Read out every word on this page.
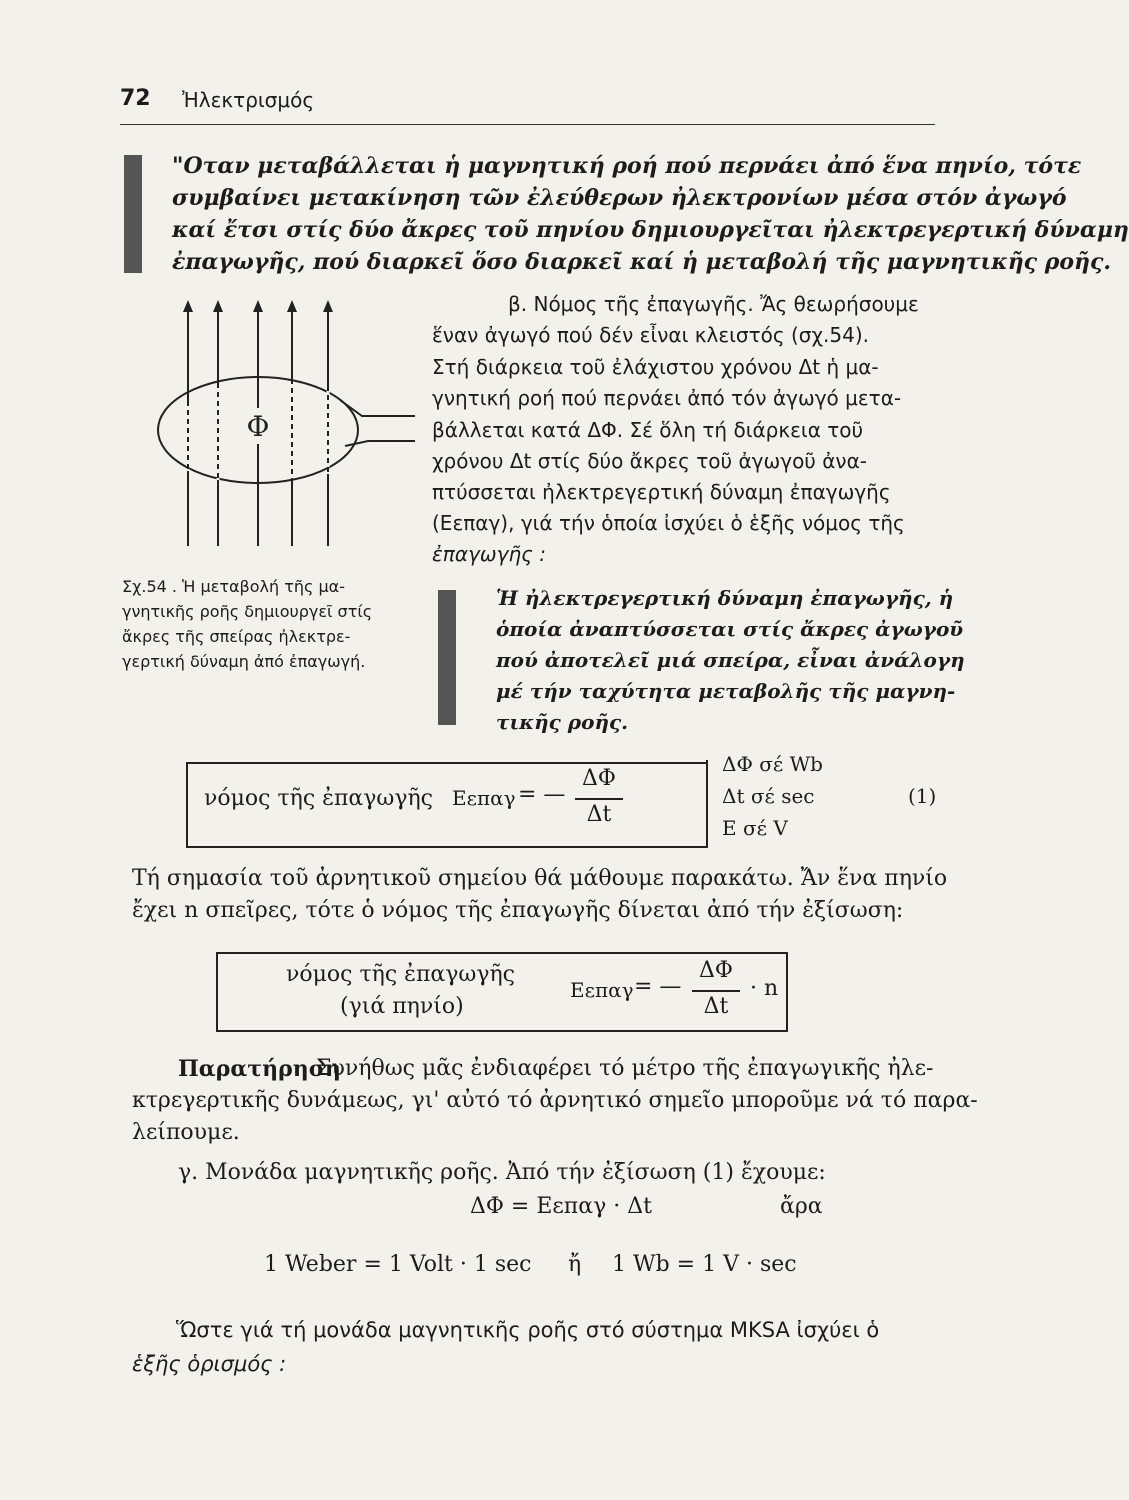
72 Ἠλεκτρισμός
"Οταν μεταβάλλεται ἡ μαγνητική ροή πού περνάει ἀπό ἕνα πηνίο, τότε
συμβαίνει μετακίνηση τῶν ἐλεύθερων ἠλεκτρονίων μέσα στόν ἀγωγό
καί ἔτσι στίς δύο ἄκρες τοῦ πηνίου δημιουργεῖται ἠλεκτρεγερτική δύναμη
ἐπαγωγῆς, πού διαρκεῖ ὅσο διαρκεῖ καί ἡ μεταβολή τῆς μαγνητικῆς ροῆς.
Φ
Σχ.54 . Ἡ μεταβολή τῆς μα-
γνητικῆς ροῆς δημιουργεῖ στίς
ἄκρες τῆς σπείρας ἠλεκτρε-
γερτική δύναμη ἀπό ἐπαγωγή.
β. Νόμος τῆς ἐπαγωγῆς. Ἄς θεωρήσουμε
ἕναν ἀγωγό πού δέν εἶναι κλειστός (σχ.54).
Στή διάρκεια τοῦ ἐλάχιστου χρόνου Δt ἡ μα-
γνητική ροή πού περνάει ἀπό τόν ἀγωγό μετα-
βάλλεται κατά ΔΦ. Σέ ὅλη τή διάρκεια τοῦ
χρόνου Δt στίς δύο ἄκρες τοῦ ἀγωγοῦ ἀνα-
πτύσσεται ἠλεκτρεγερτική δύναμη ἐπαγωγῆς
(Εεπαγ), γιά τήν ὁποία ἰσχύει ὁ ἑξῆς νόμος τῆς
ἐπαγωγῆς :
Ἡ ἠλεκτρεγερτική δύναμη ἐπαγωγῆς, ἡ
ὁποία ἀναπτύσσεται στίς ἄκρες ἀγωγοῦ
πού ἀποτελεῖ μιά σπείρα, εἶναι ἀνάλογη
μέ τήν ταχύτητα μεταβολῆς τῆς μαγνη-
τικῆς ροῆς.
νόμος τῆς ἐπαγωγῆς Εεπαγ = —
ΔΦ
Δt
ΔΦ σέ Wb
Δt σέ sec
E σέ V
(1)
Τή σημασία τοῦ ἀρνητικοῦ σημείου θά μάθουμε παρακάτω. Ἄν ἕνα πηνίο
ἔχει n σπεῖρες, τότε ὁ νόμος τῆς ἐπαγωγῆς δίνεται ἀπό τήν ἐξίσωση:
νόμος τῆς ἐπαγωγῆς
(γιά πηνίο)
Εεπαγ = —
ΔΦ
Δt
· n
Παρατήρηση
Συνήθως μᾶς ἐνδιαφέρει τό μέτρο τῆς ἐπαγωγικῆς ἠλε-
κτρεγερτικῆς δυνάμεως, γι' αὐτό τό ἀρνητικό σημεῖο μποροῦμε νά τό παρα-
λείπουμε.
γ. Μονάδα μαγνητικῆς ροῆς. Ἀπό τήν ἐξίσωση (1) ἔχουμε:
ΔΦ = Εεπαγ · Δt	ἄρα
1 Weber = 1 Volt · 1 sec ἤ 1 Wb = 1 V · sec
Ὥστε γιά τή μονάδα μαγνητικῆς ροῆς στό σύστημα MKSA ἰσχύει ὁ
ἑξῆς ὁρισμός :
